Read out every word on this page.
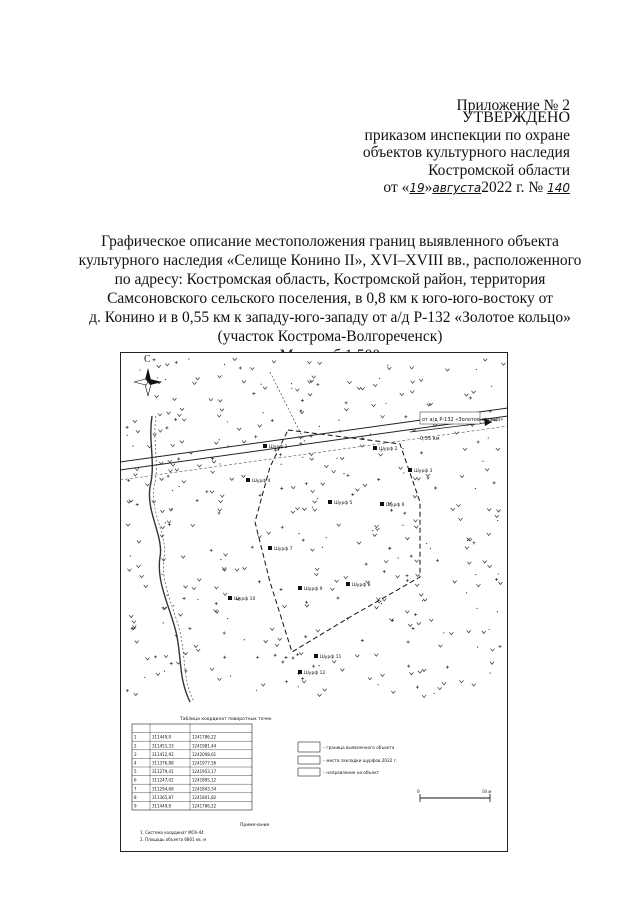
Приложение № 2
УТВЕРЖДЕНО
приказом инспекции по охране
объектов культурного наследия
Костромской области
от «19»августа2022 г. № 140
Графическое описание местоположения границ выявленного объекта
культурного наследия «Селище Конино II», XVI–XVIII вв., расположенного
по адресу: Костромская область, Костромской район, территория
Самсоновского сельского поселения, в 0,8 км к юго-юго-востоку от
д. Конино и в 0,55 км к западу-юго-западу от а/д Р-132 «Золотое кольцо»
(участок Кострома-Волгореченск)
С
от а/д Р-132 «Золотое кольцо»
0,55 км
Шурф 1	Шурф 2
Шурф 3
Шурф 4
Шурф 5	Шурф 6
Шурф 7
Шурф 8
Шурф 9
Шурф 10
Шурф 11
Шурф 12
Таблица координат поворотных точек
1	311449,9	1241786,22
2	311451,33	1241981,44
3	311412,92	1242008,61
4	311376,88	1241977,56
5	311279,41	1241953,17
6	311247,02	1241895,12
7	311294,68	1241843,34
8	311365,87	1241801,82
9	311449,9	1241786,22
– граница выявленного объекта
– места закладки шурфов 2022 г.
– направление на объект
0	50 м
Примечание
1. Система координат МСК-44
2. Площадь объекта 6801 кв. м
